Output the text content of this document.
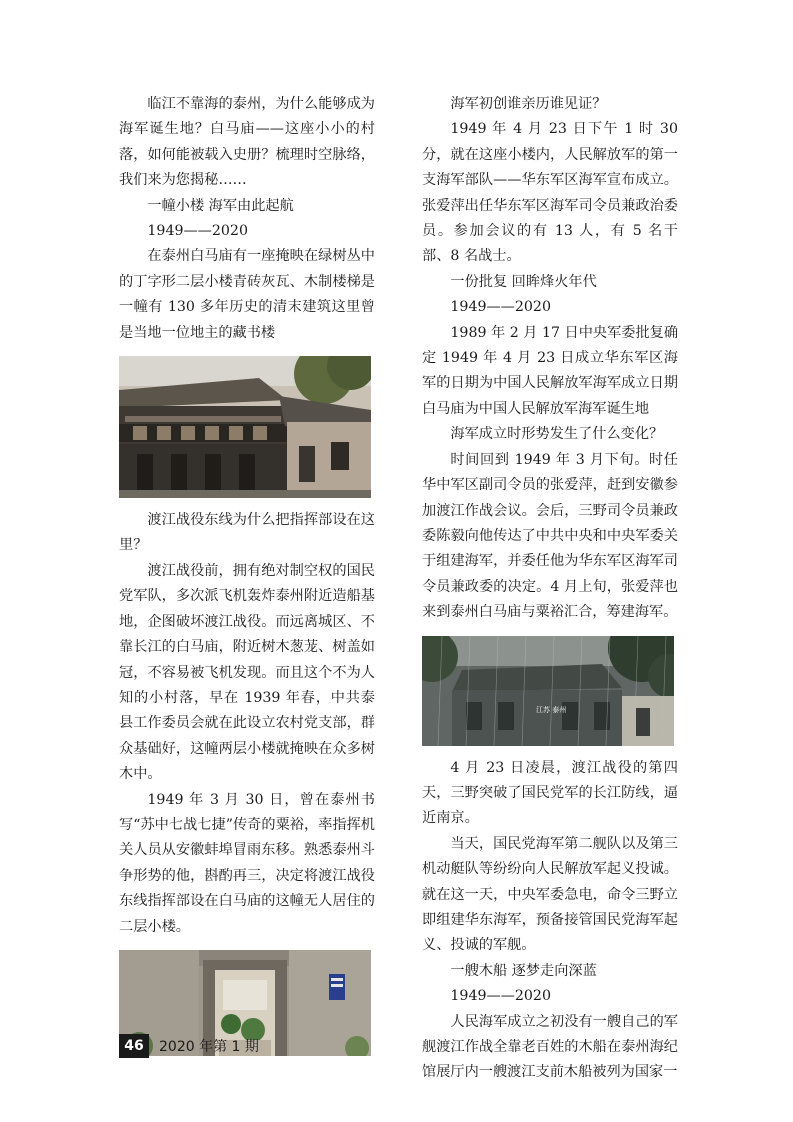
临江不靠海的泰州，为什么能够成为海军诞生地？白马庙——这座小小的村落，如何能被载入史册？梳理时空脉络，我们来为您揭秘……

一幢小楼 海军由此起航

1949——2020

在泰州白马庙有一座掩映在绿树丛中的丁字形二层小楼青砖灰瓦、木制楼梯是一幢有 130 多年历史的清末建筑这里曾是当地一位地主的藏书楼

渡江战役东线为什么把指挥部设在这里？

渡江战役前，拥有绝对制空权的国民党军队，多次派飞机轰炸泰州附近造船基地，企图破坏渡江战役。而远离城区、不靠长江的白马庙，附近树木葱茏、树盖如冠，不容易被飞机发现。而且这个不为人知的小村落，早在 1939 年春，中共泰县工作委员会就在此设立农村党支部，群众基础好，这幢两层小楼就掩映在众多树木中。

1949 年 3 月 30 日，曾在泰州书写“苏中七战七捷”传奇的粟裕，率指挥机关人员从安徽蚌埠冒雨东移。熟悉泰州斗争形势的他，斟酌再三，决定将渡江战役东线指挥部设在白马庙的这幢无人居住的二层小楼。

海军初创谁亲历谁见证？

1949 年 4 月 23 日下午 1 时 30 分，就在这座小楼内，人民解放军的第一支海军部队——华东军区海军宣布成立。张爱萍出任华东军区海军司令员兼政治委员。参加会议的有 13 人，有 5 名干部、8 名战士。

一份批复 回眸烽火年代

1949——2020

1989 年 2 月 17 日中央军委批复确定 1949 年 4 月 23 日成立华东军区海军的日期为中国人民解放军海军成立日期白马庙为中国人民解放军海军诞生地

海军成立时形势发生了什么变化？

时间回到 1949 年 3 月下旬。时任华中军区副司令员的张爱萍，赶到安徽参加渡江作战会议。会后，三野司令员兼政委陈毅向他传达了中共中央和中央军委关于组建海军，并委任他为华东军区海军司令员兼政委的决定。4 月上旬，张爱萍也来到泰州白马庙与粟裕汇合，筹建海军。

江苏 泰州

4 月 23 日凌晨，渡江战役的第四天，三野突破了国民党军的长江防线，逼近南京。

当天，国民党海军第二舰队以及第三机动艇队等纷纷向人民解放军起义投诚。就在这一天，中央军委急电，命令三野立即组建华东海军，预备接管国民党海军起义、投诚的军舰。

一艘木船 逐梦走向深蓝

1949——2020

人民海军成立之初没有一艘自己的军舰渡江作战全靠老百姓的木船在泰州海纪馆展厅内一艘渡江支前木船被列为国家一

46	2020 年第 1 期
